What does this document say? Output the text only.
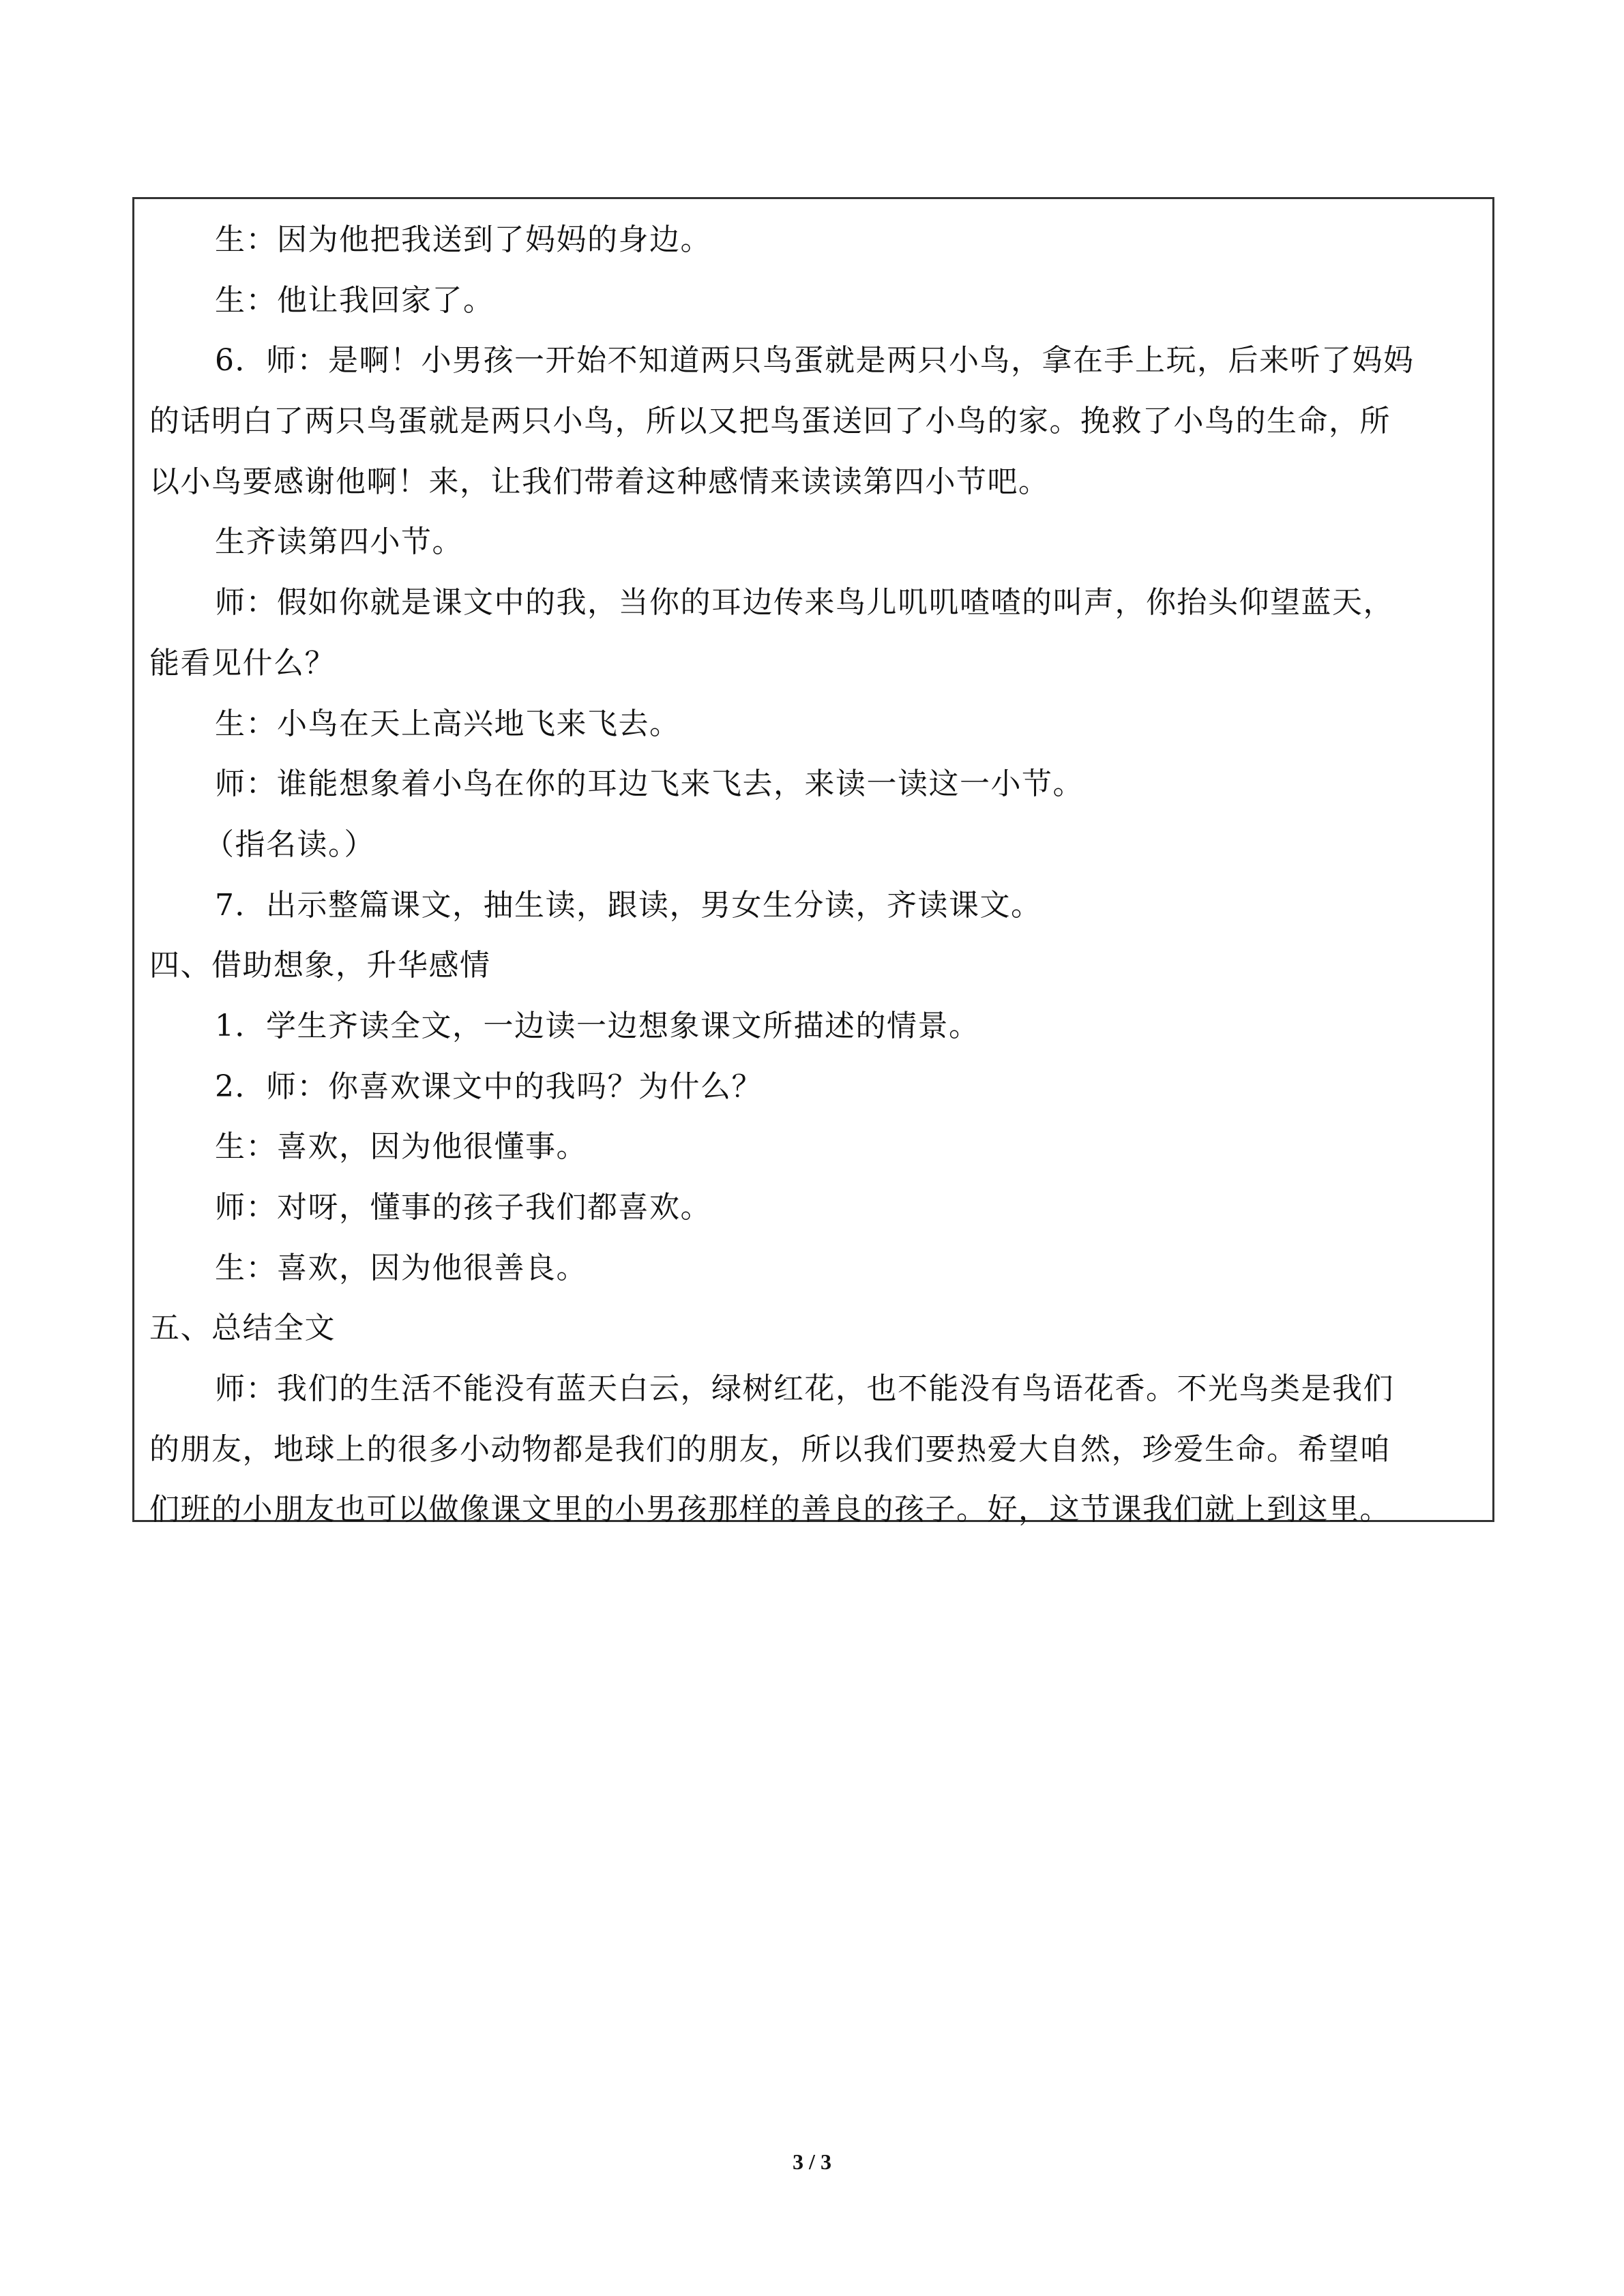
生：因为他把我送到了妈妈的身边。
生：他让我回家了。
6．师：是啊！小男孩一开始不知道两只鸟蛋就是两只小鸟，拿在手上玩，后来听了妈妈
的话明白了两只鸟蛋就是两只小鸟，所以又把鸟蛋送回了小鸟的家。挽救了小鸟的生命，所
以小鸟要感谢他啊！来，让我们带着这种感情来读读第四小节吧。
生齐读第四小节。
师：假如你就是课文中的我，当你的耳边传来鸟儿叽叽喳喳的叫声，你抬头仰望蓝天，
能看见什么？
生：小鸟在天上高兴地飞来飞去。
师：谁能想象着小鸟在你的耳边飞来飞去，来读一读这一小节。
（指名读。）
7．出示整篇课文，抽生读，跟读，男女生分读，齐读课文。
四、借助想象，升华感情
1．学生齐读全文，一边读一边想象课文所描述的情景。
2．师：你喜欢课文中的我吗？为什么？
生：喜欢，因为他很懂事。
师：对呀，懂事的孩子我们都喜欢。
生：喜欢，因为他很善良。
五、总结全文
师：我们的生活不能没有蓝天白云，绿树红花，也不能没有鸟语花香。不光鸟类是我们
的朋友，地球上的很多小动物都是我们的朋友，所以我们要热爱大自然，珍爱生命。希望咱
们班的小朋友也可以做像课文里的小男孩那样的善良的孩子。好，这节课我们就上到这里。
3 / 3
